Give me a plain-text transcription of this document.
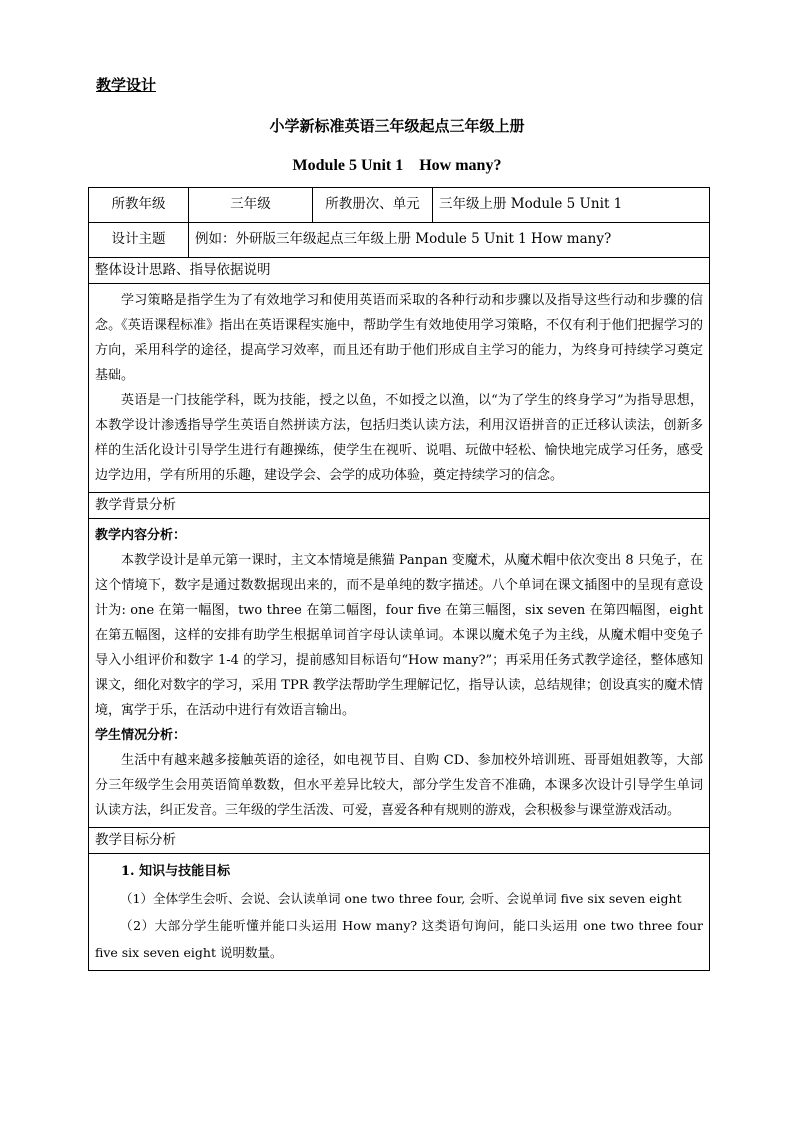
教学设计
小学新标准英语三年级起点三年级上册
Module 5 Unit 1    How many?
所教年级	三年级	所教册次、单元	三年级上册 Module 5 Unit 1
设计主题	例如：外研版三年级起点三年级上册 Module 5 Unit 1 How many?		
整体设计思路、指导依据说明			

学习策略是指学生为了有效地学习和使用英语而采取的各种行动和步骤以及指导这些行动和步骤的信念。《英语课程标准》指出在英语课程实施中，帮助学生有效地使用学习策略，不仅有利于他们把握学习的方向，采用科学的途径，提高学习效率，而且还有助于他们形成自主学习的能力，为终身可持续学习奠定基础。

英语是一门技能学科，既为技能，授之以鱼，不如授之以渔，以“为了学生的终身学习”为指导思想，本教学设计渗透指导学生英语自然拼读方法，包括归类认读方法，利用汉语拼音的正迁移认读法，创新多样的生活化设计引导学生进行有趣操练，使学生在视听、说唱、玩做中轻松、愉快地完成学习任务，感受边学边用，学有所用的乐趣，建设学会、会学的成功体验，奠定持续学习的信念。			

教学背景分析			

教学内容分析：

本教学设计是单元第一课时，主文本情境是熊猫 Panpan 变魔术，从魔术帽中依次变出 8 只兔子，在这个情境下，数字是通过数数据现出来的，而不是单纯的数字描述。八个单词在课文插图中的呈现有意设计为: one 在第一幅图，two three 在第二幅图，four five 在第三幅图，six seven 在第四幅图，eight 在第五幅图，这样的安排有助学生根据单词首字母认读单词。本课以魔术兔子为主线，从魔术帽中变兔子导入小组评价和数字 1-4 的学习，提前感知目标语句“How many?”；再采用任务式教学途径，整体感知课文，细化对数字的学习，采用 TPR 教学法帮助学生理解记忆，指导认读，总结规律；创设真实的魔术情境，寓学于乐，在活动中进行有效语言输出。

学生情况分析：

生活中有越来越多接触英语的途径，如电视节目、自购 CD、参加校外培训班、哥哥姐姐教等，大部分三年级学生会用英语简单数数，但水平差异比较大，部分学生发音不准确，本课多次设计引导学生单词认读方法，纠正发音。三年级的学生活泼、可爱，喜爱各种有规则的游戏，会积极参与课堂游戏活动。			

教学目标分析			

1. 知识与技能目标

（1）全体学生会听、会说、会认读单词 one two three four, 会听、会说单词 five six seven eight

（2）大部分学生能听懂并能口头运用 How many? 这类语句询问，能口头运用 one two three four five six seven eight 说明数量。			
